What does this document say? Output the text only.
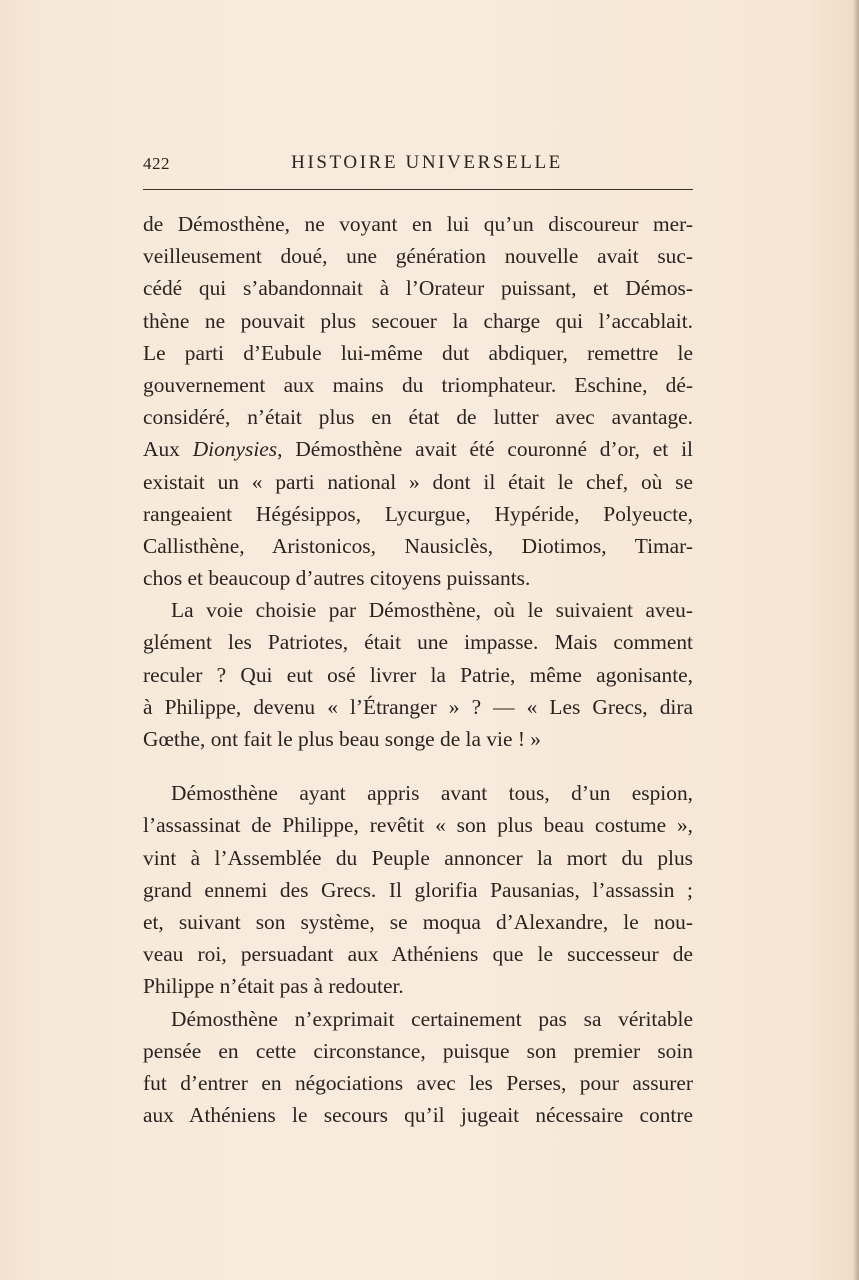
422	HISTOIRE UNIVERSELLE
de Démosthène, ne voyant en lui qu’un discoureur mer-
veilleusement doué, une génération nouvelle avait suc-
cédé qui s’abandonnait à l’Orateur puissant, et Démos-
thène ne pouvait plus secouer la charge qui l’accablait.
Le parti d’Eubule lui-même dut abdiquer, remettre le
gouvernement aux mains du triomphateur. Eschine, dé-
considéré, n’était plus en état de lutter avec avantage.
Aux Dionysies, Démosthène avait été couronné d’or, et il
existait un « parti national » dont il était le chef, où se
rangeaient Hégésippos, Lycurgue, Hypéride, Polyeucte,
Callisthène, Aristonicos, Nausiclès, Diotimos, Timar-
chos et beaucoup d’autres citoyens puissants.
La voie choisie par Démosthène, où le suivaient aveu-
glément les Patriotes, était une impasse. Mais comment
reculer ? Qui eut osé livrer la Patrie, même agonisante,
à Philippe, devenu « l’Étranger » ? — « Les Grecs, dira
Gœthe, ont fait le plus beau songe de la vie ! »
Démosthène ayant appris avant tous, d’un espion,
l’assassinat de Philippe, revêtit « son plus beau costume »,
vint à l’Assemblée du Peuple annoncer la mort du plus
grand ennemi des Grecs. Il glorifia Pausanias, l’assassin ;
et, suivant son système, se moqua d’Alexandre, le nou-
veau roi, persuadant aux Athéniens que le successeur de
Philippe n’était pas à redouter.
Démosthène n’exprimait certainement pas sa véritable
pensée en cette circonstance, puisque son premier soin
fut d’entrer en négociations avec les Perses, pour assurer
aux Athéniens le secours qu’il jugeait nécessaire contre
